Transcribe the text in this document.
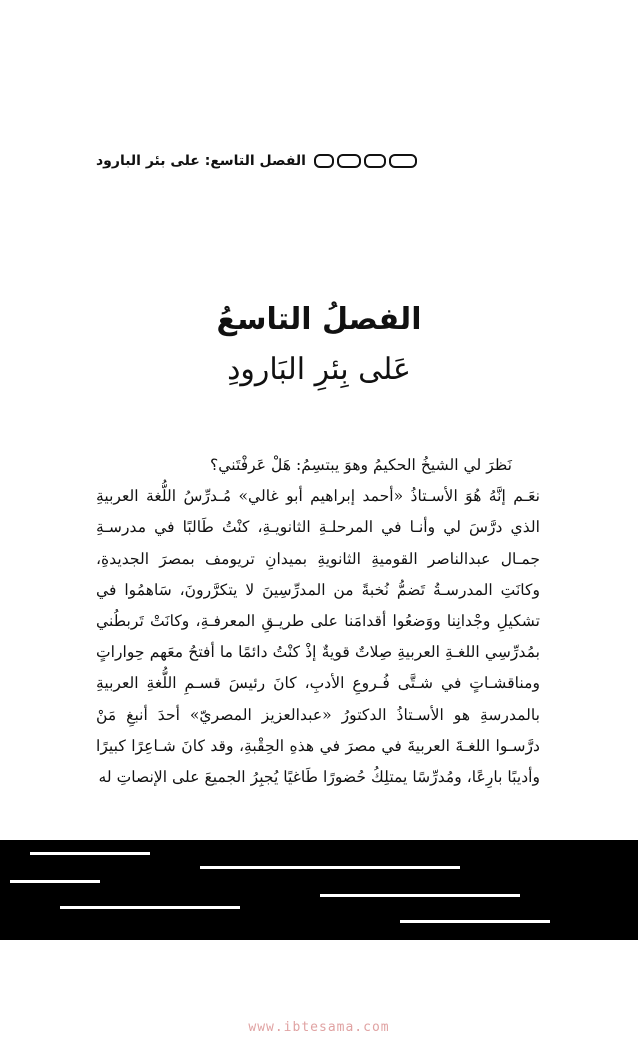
الفصل التاسع: على بئر البارود
الفصلُ التاسعُ
عَلى بِئرِ البَارودِ

نَظرَ لي الشيخُ الحكيمُ وهوَ يبتسِمُ: هَلْ عَرفْتَني؟

نعَـم إنَّهُ هُوَ الأسـتاذُ «أحمد إبراهيم أبو غالي» مُـدرِّسُ اللُّغة العربيةِ الذي درَّسَ لي وأنـا في المرحلـةِ الثانويـةِ، كنْتُ طَالبًا في مدرسـةِ جمـال عبدالناصر القوميةِ الثانويةِ بميدانِ تريومف بمصرَ الجديدةِ، وكانَتِ المدرسـةُ تَضمُّ نُخبةً من المدرِّسِينَ لا يتكرَّرونَ، سَاهمُوا في تشكيلِ وجْدانِنا ووَضعُوا أقدامَنا على طريـقِ المعرفـةِ، وكانَتْ تَربطُني بمُدرِّسِي اللغـةِ العربيةِ صِلاتٌ قويةٌ إذْ كنْتُ دائمًا ما أفتحُ معَهم حِواراتٍ ومناقشـاتٍ في شـتَّى فُـروعِ الأدبِ، كانَ رئيسَ قسـمِ اللُّغةِ العربيةِ بالمدرسةِ هو الأسـتاذُ الدكتورُ «عبدالعزيز المصريّ» أحدَ أنبغِ مَنْ درَّسـوا اللغـةَ العربيةَ في مصرَ في هذهِ الحِقْبةِ، وقد كانَ شـاعِرًا كبيرًا وأديبًا بارِعًا، ومُدرِّسًا يمتلِكُ حُضورًا طَاغيًا يُجبِرُ الجميعَ على الإنصاتِ له

www.ibtesama.com
